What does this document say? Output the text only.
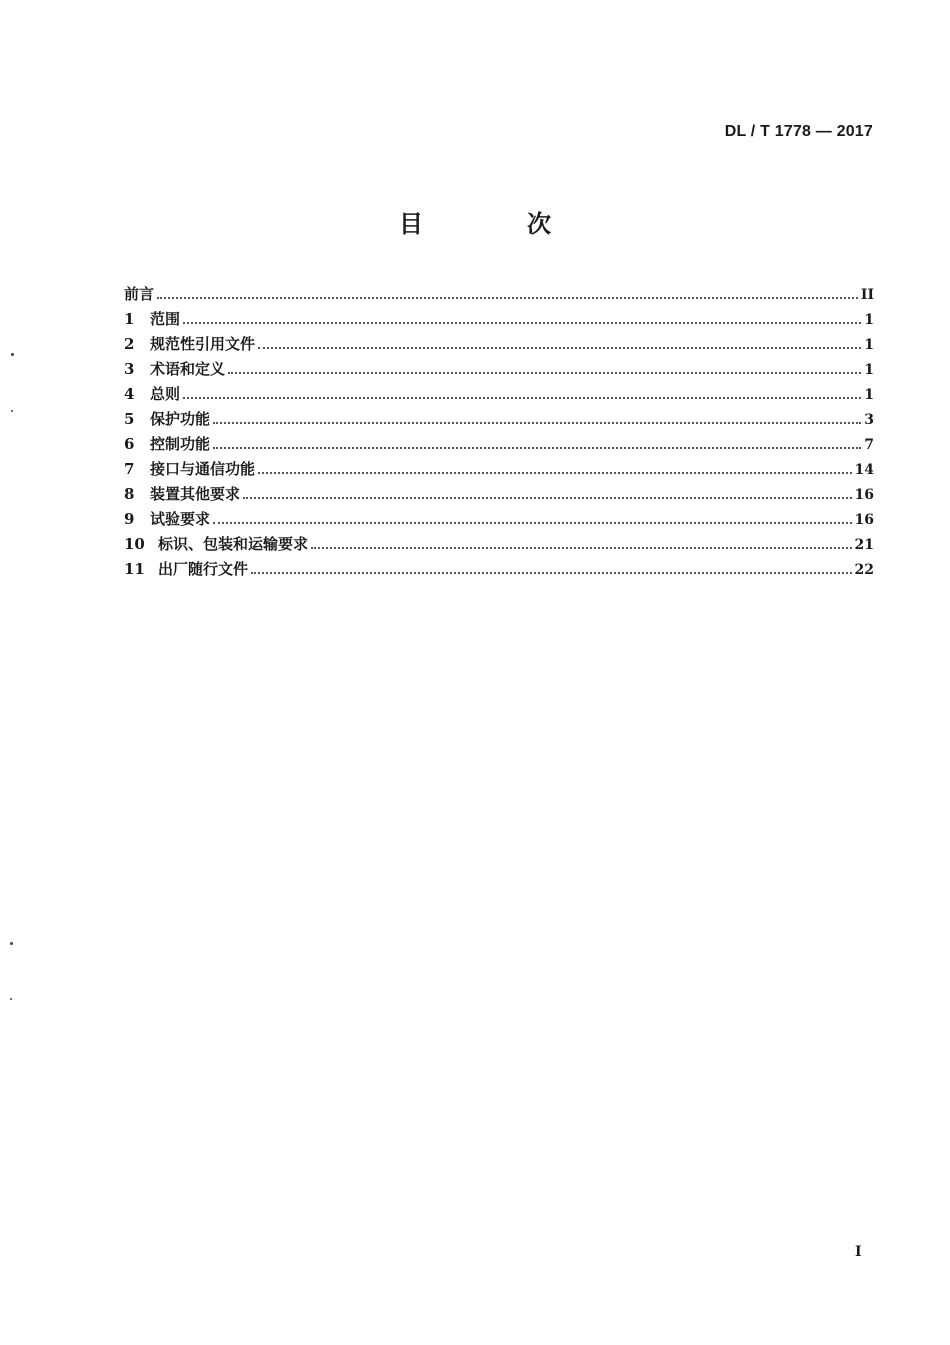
DL / T 1778 — 2017
目　次
前言	II
1	范围	1
2	规范性引用文件	1
3	术语和定义	1
4	总则	1
5	保护功能	3
6	控制功能	7
7	接口与通信功能	14
8	装置其他要求	16
9	试验要求	16
10 标识、包装和运输要求	21
11 出厂随行文件	22
I
